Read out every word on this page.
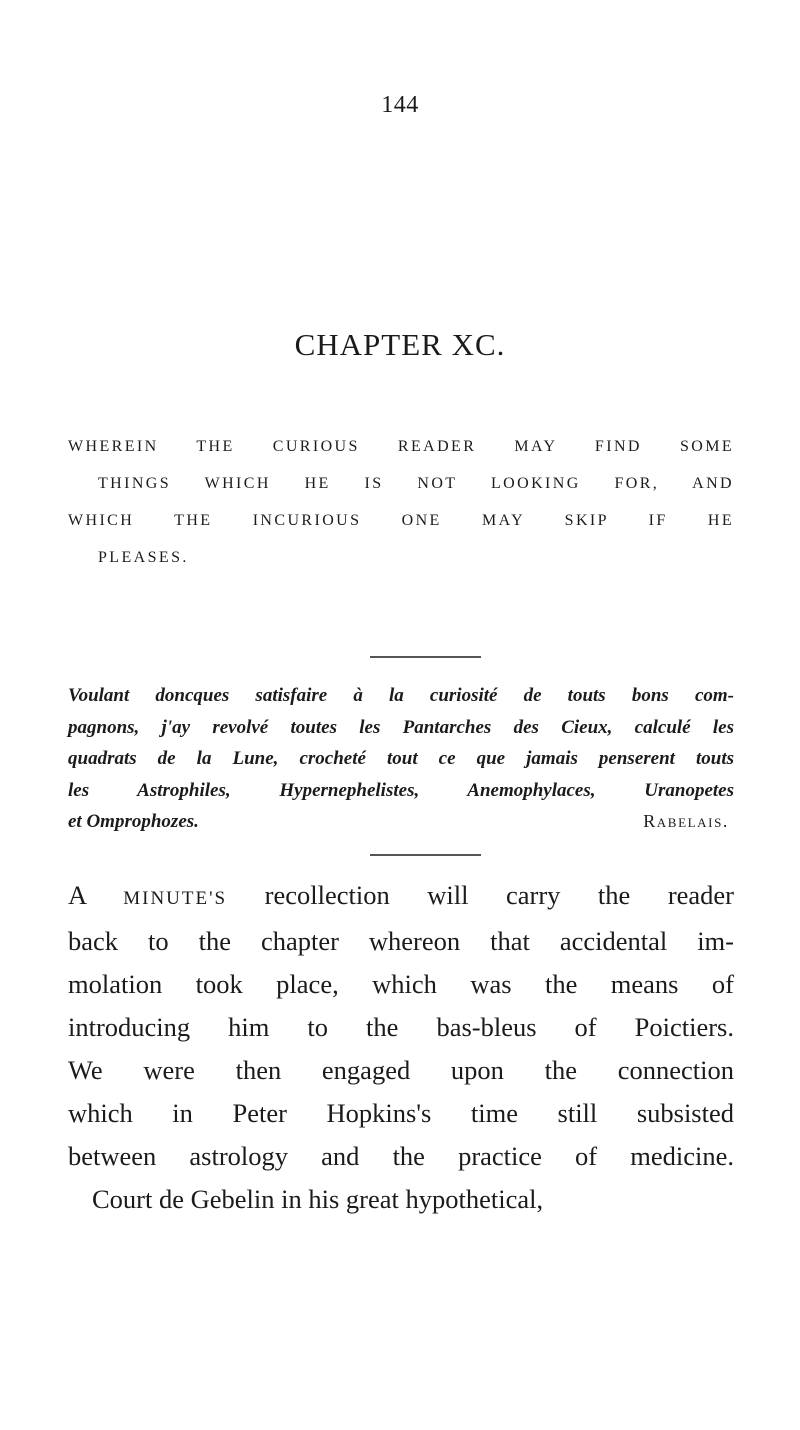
144
CHAPTER XC.
WHEREIN THE CURIOUS READER MAY FIND SOME
THINGS WHICH HE IS NOT LOOKING FOR, AND
WHICH THE INCURIOUS ONE MAY SKIP IF HE
PLEASES.
Voulant doncques satisfaire à la curiosité de touts bons com-
pagnons, j'ay revolvé toutes les Pantarches des Cieux, calculé les
quadrats de la Lune, crocheté tout ce que jamais penserent touts
les Astrophiles, Hypernephelistes, Anemophylaces, Uranopetes
et Omprophozes.	Rabelais.
A MINUTE'S recollection will carry the reader
back to the chapter whereon that accidental im-
molation took place, which was the means of
introducing him to the bas-bleus of Poictiers.
We were then engaged upon the connection
which in Peter Hopkins's time still subsisted
between astrology and the practice of medicine.
Court de Gebelin in his great hypothetical,
